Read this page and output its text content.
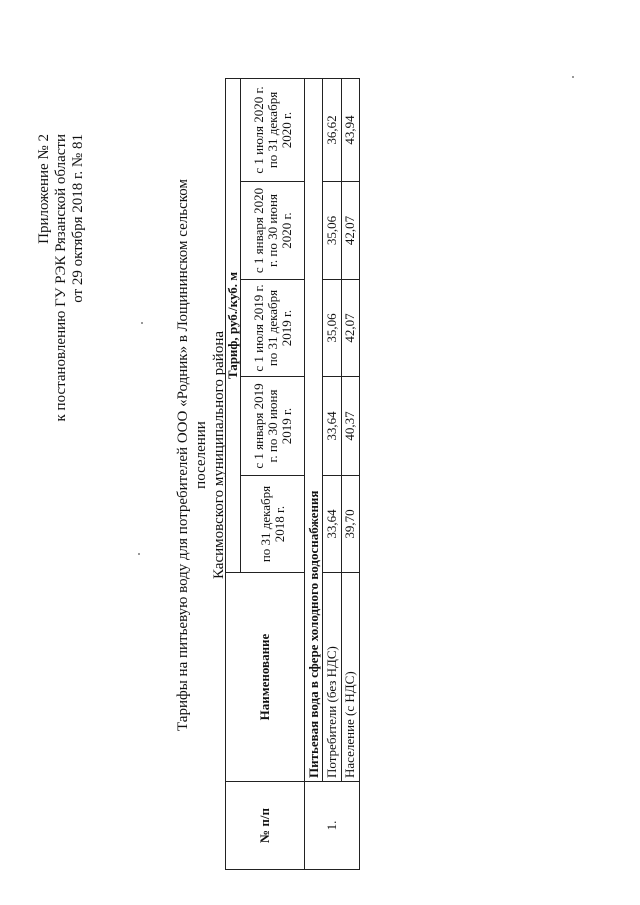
Приложение № 2 к постановлению ГУ РЭК Рязанской области от 29 октября 2018 г. № 81	Тарифы на питьевую воду для потребителей ООО «Родник» в Лощининском сельском поселении Касимовского муниципального района
№ п/п	Наименование	Тариф, руб./куб. м				
		по 31 декабря 2018 г.	с 1 января 2019 г. по 30 июня 2019 г.	с 1 июля 2019 г. по 31 декабря 2019 г.	с 1 января 2020 г. по 30 июня 2020 г.	с 1 июля 2020 г. по 31 декабря 2020 г.
1.	Питьевая вода в сфере холодного водоснабжения					
	Потребители (без НДС)	33,64	33,64	35,06	35,06	36,62
	Население (с НДС)	39,70	40,37	42,07	42,07	43,94
